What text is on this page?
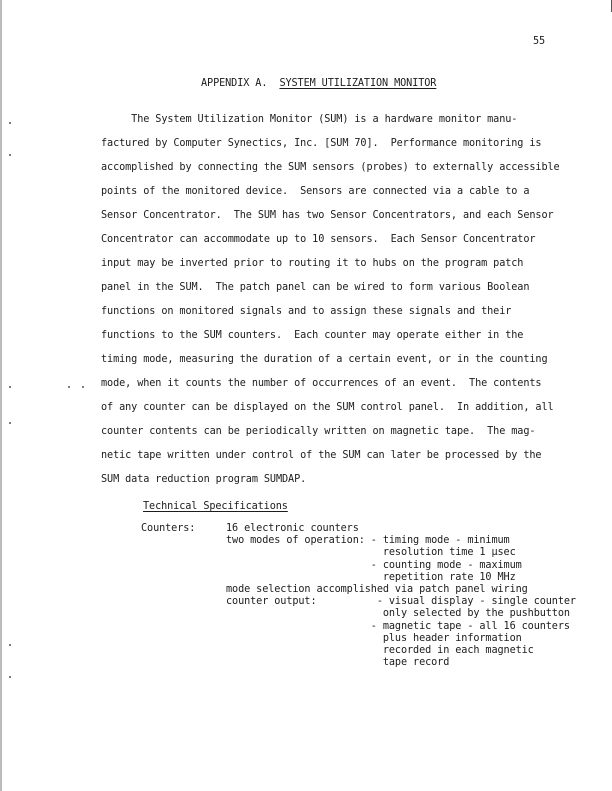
55
APPENDIX A. SYSTEM UTILIZATION MONITOR
The System Utilization Monitor (SUM) is a hardware monitor manu-
factured by Computer Synectics, Inc. [SUM 70].  Performance monitoring is
accomplished by connecting the SUM sensors (probes) to externally accessible
points of the monitored device.  Sensors are connected via a cable to a
Sensor Concentrator.  The SUM has two Sensor Concentrators, and each Sensor
Concentrator can accommodate up to 10 sensors.  Each Sensor Concentrator
input may be inverted prior to routing it to hubs on the program patch
panel in the SUM.  The patch panel can be wired to form various Boolean
functions on monitored signals and to assign these signals and their
functions to the SUM counters.  Each counter may operate either in the
timing mode, measuring the duration of a certain event, or in the counting
mode, when it counts the number of occurrences of an event.  The contents
of any counter can be displayed on the SUM control panel.  In addition, all
counter contents can be periodically written on magnetic tape.  The mag-
netic tape written under control of the SUM can later be processed by the
SUM data reduction program SUMDAP.
Technical Specifications
Counters:	16 electronic counters
two modes of operation: - timing mode - minimum
resolution time 1 μsec
- counting mode - maximum
repetition rate 10 MHz
mode selection accomplished via patch panel wiring
counter output:          - visual display - single counter
only selected by the pushbutton
- magnetic tape - all 16 counters
plus header information
recorded in each magnetic
tape record
